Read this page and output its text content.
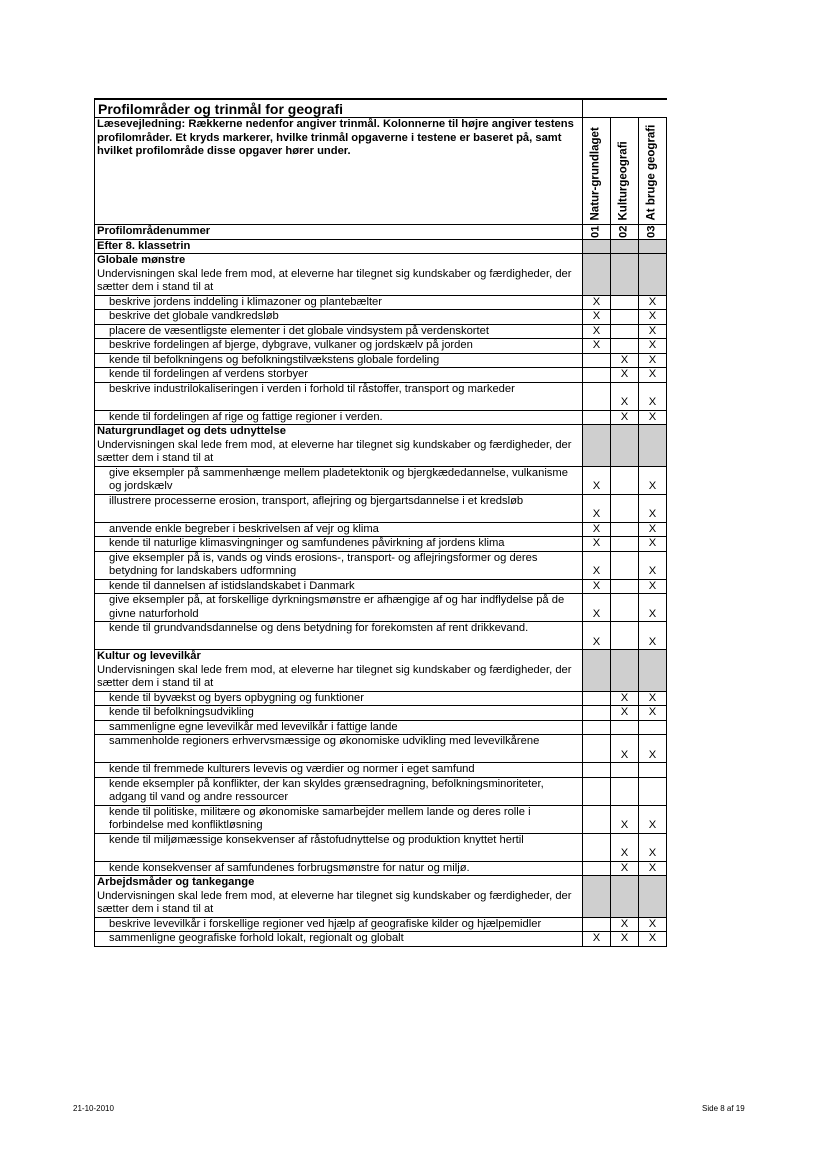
Profilområder og trinmål for geografi			
Læsevejledning: Rækkerne nedenfor angiver trinmål. Kolonnerne til højre angiver testens profilområder. Et kryds markerer, hvilke trinmål opgaverne i testene er baseret på, samt hvilket profilområde disse opgaver hører under.	Natur-grundlaget	Kulturgeografi	At bruge geografi

Profilområdenummer	01	02	03
Efter 8. klassetrin			

Globale mønstre
Undervisningen skal lede frem mod, at eleverne har tilegnet sig kundskaber og færdigheder, der sætter dem i stand til at			

beskrive jordens inddeling i klimazoner og plantebælter	X		X
beskrive det globale vandkredsløb	X		X
placere de væsentligste elementer i det globale vindsystem på verdenskortet	X		X
beskrive fordelingen af bjerge, dybgrave, vulkaner og jordskælv på jorden	X		X
kende til befolkningens og befolkningstilvækstens globale fordeling		X	X
kende til fordelingen af verdens storbyer		X	X
beskrive industrilokaliseringen i verden i forhold til råstoffer, transport og markeder		X	X
kende til fordelingen af rige og fattige regioner i verden.		X	X

Naturgrundlaget og dets udnyttelse
Undervisningen skal lede frem mod, at eleverne har tilegnet sig kundskaber og færdigheder, der sætter dem i stand til at			

give eksempler på sammenhænge mellem pladetektonik og bjergkædedannelse, vulkanisme og jordskælv	X		X
illustrere processerne erosion, transport, aflejring og bjergartsdannelse i et kredsløb	X		X
anvende enkle begreber i beskrivelsen af vejr og klima	X		X
kende til naturlige klimasvingninger og samfundenes påvirkning af jordens klima	X		X
give eksempler på is, vands og vinds erosions-, transport- og aflejringsformer og deres betydning for landskabers udformning	X		X
kende til dannelsen af istidslandskabet i Danmark	X		X
give eksempler på, at forskellige dyrkningsmønstre er afhængige af og har indflydelse på de givne naturforhold	X		X
kende til grundvandsdannelse og dens betydning for forekomsten af rent drikkevand.	X		X

Kultur og levevilkår
Undervisningen skal lede frem mod, at eleverne har tilegnet sig kundskaber og færdigheder, der sætter dem i stand til at			

kende til byvækst og byers opbygning og funktioner		X	X
kende til befolkningsudvikling		X	X
sammenligne egne levevilkår med levevilkår i fattige lande			
sammenholde regioners erhvervsmæssige og økonomiske udvikling med levevilkårene		X	X
kende til fremmede kulturers levevis og værdier og normer i eget samfund			
kende eksempler på konflikter, der kan skyldes grænsedragning, befolkningsminoriteter, adgang til vand og andre ressourcer			
kende til politiske, militære og økonomiske samarbejder mellem lande og deres rolle i forbindelse med konfliktløsning		X	X
kende til miljømæssige konsekvenser af råstofudnyttelse og produktion knyttet hertil		X	X
kende konsekvenser af samfundenes forbrugsmønstre for natur og miljø.		X	X

Arbejdsmåder og tankegange
Undervisningen skal lede frem mod, at eleverne har tilegnet sig kundskaber og færdigheder, der sætter dem i stand til at			

beskrive levevilkår i forskellige regioner ved hjælp af geografiske kilder og hjælpemidler		X	X
sammenligne geografiske forhold lokalt, regionalt og globalt	X	X	X
21-10-2010	Side 8 af 19
